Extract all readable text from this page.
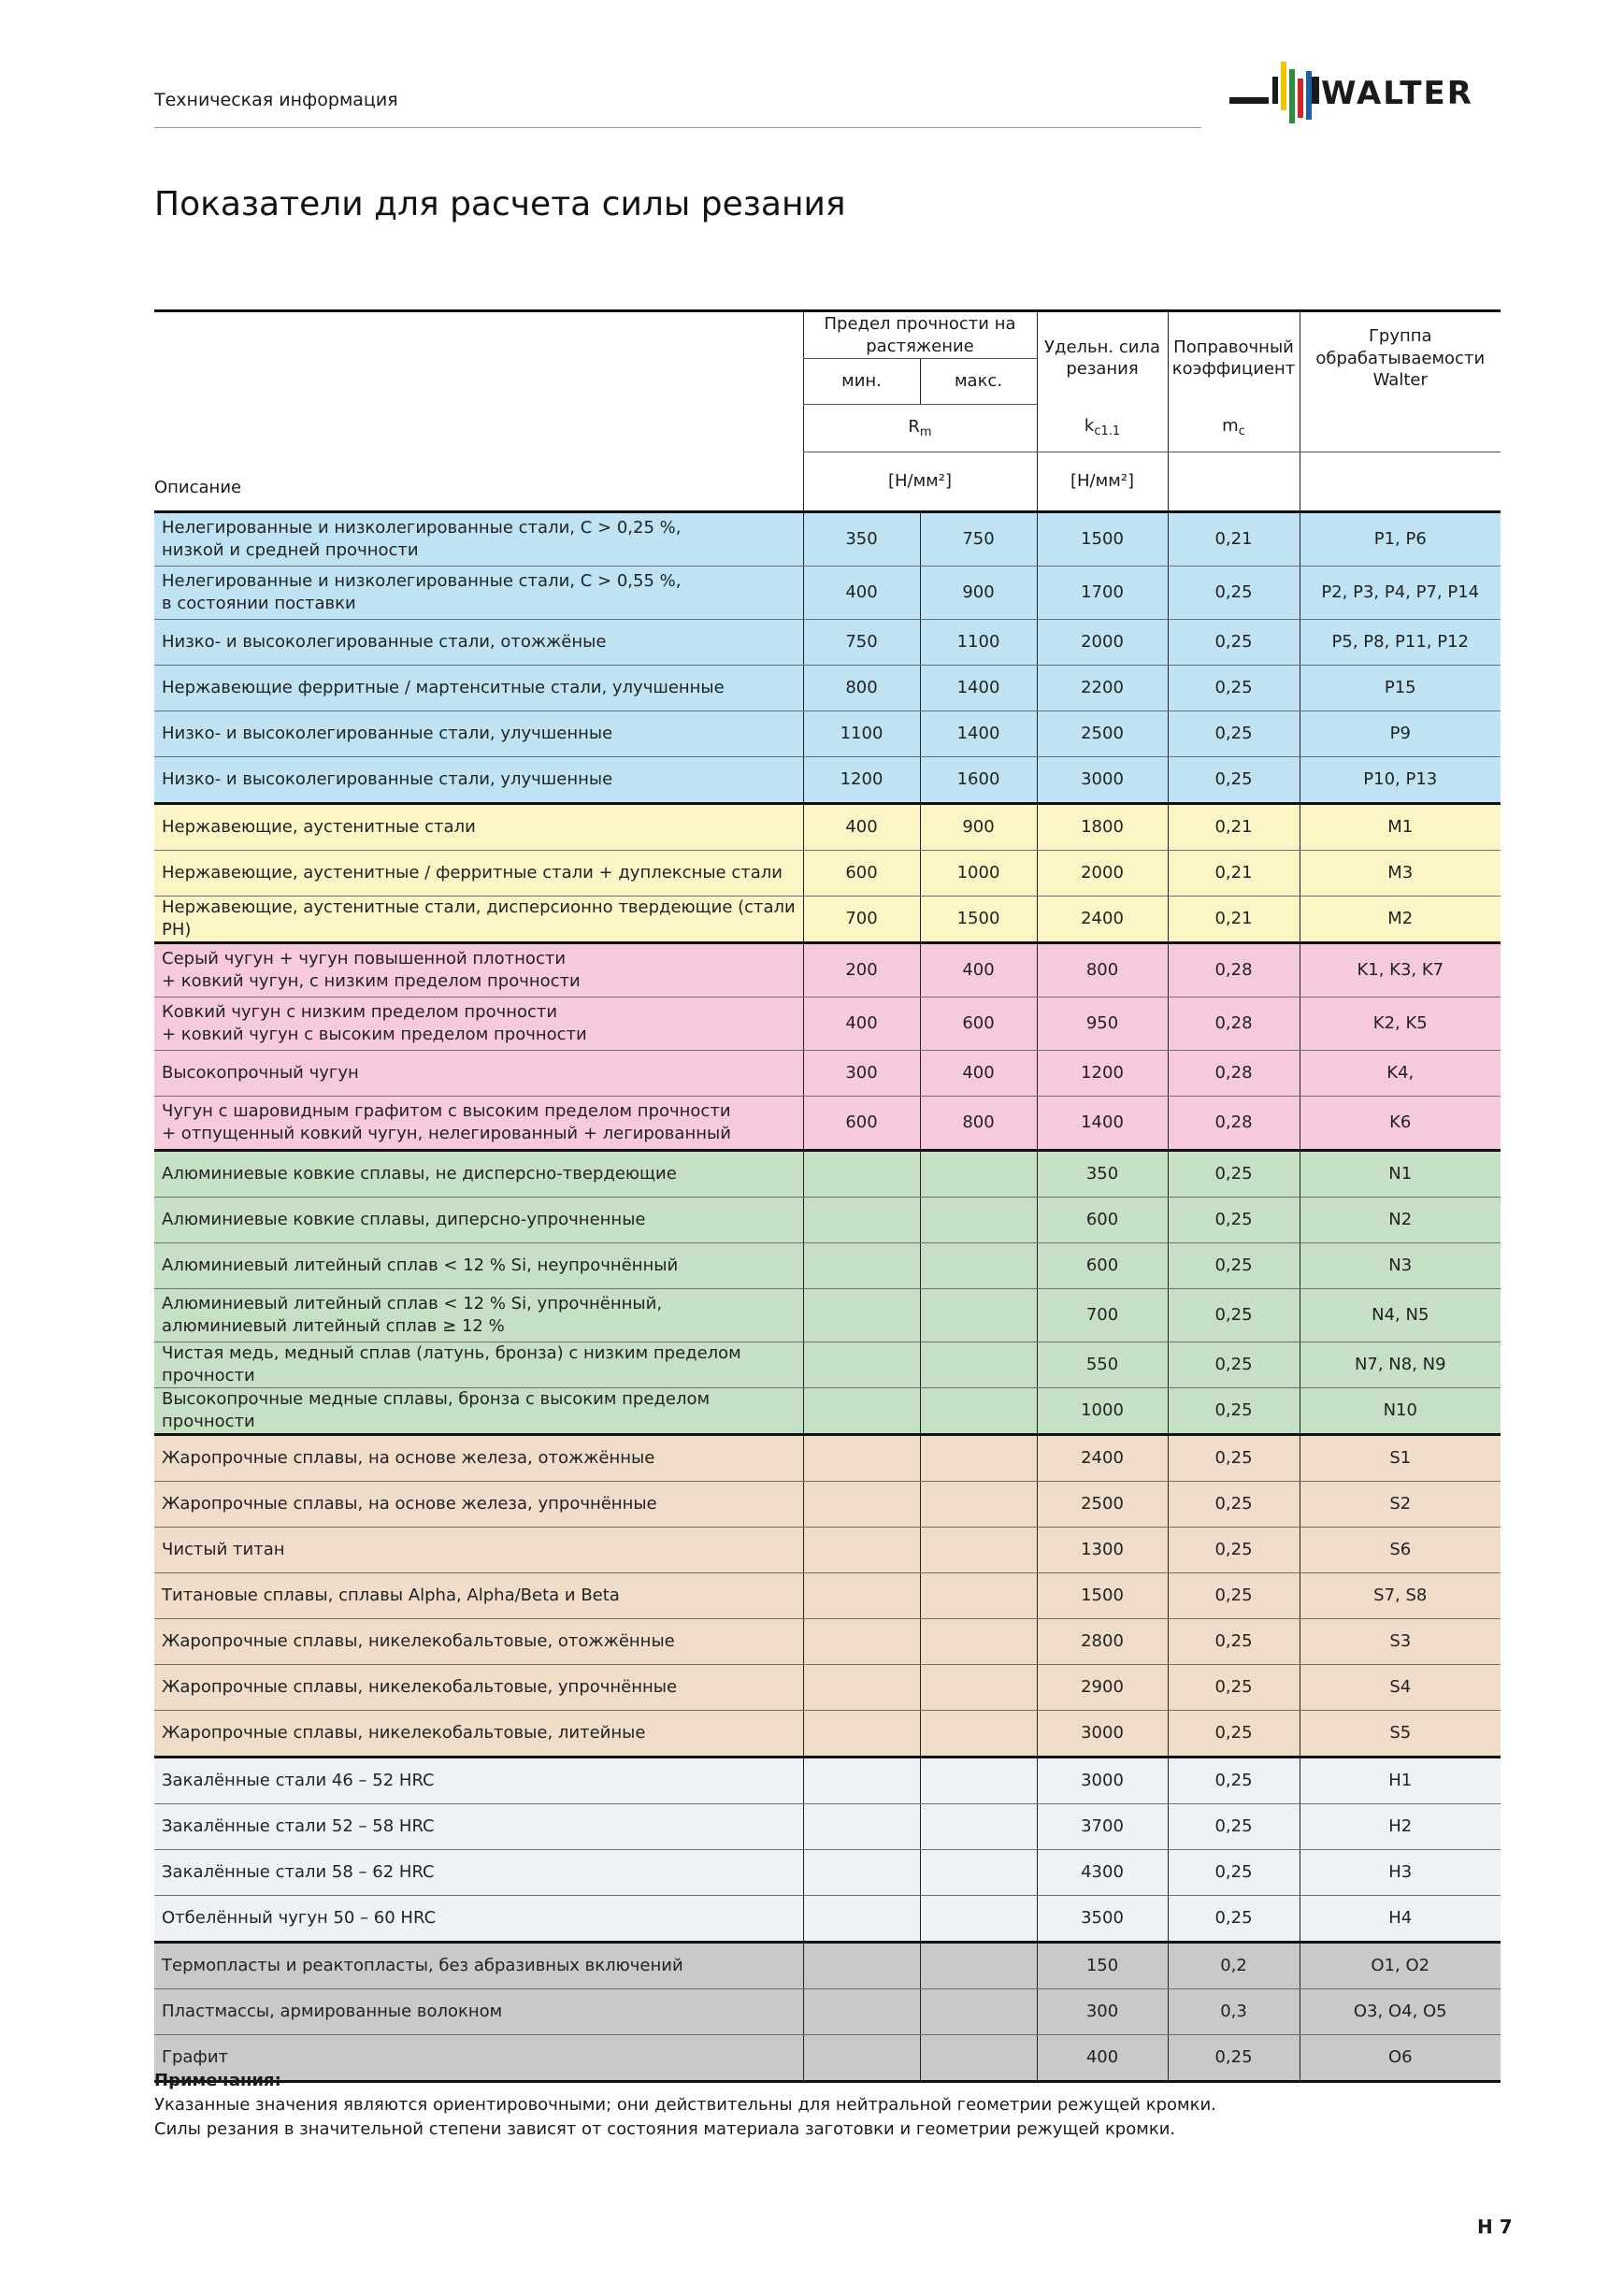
Техническая информация	WALTER
Показатели для расчета силы резания
	Предел прочности на растяжение		Удельн. сила резания	Поправочный коэффициент	Группа обрабатываемости Walter
	мин.	макс.			
	$R_m$		$k_{c1.1}$	$m_c$	
Описание	[Н/мм²]		[Н/мм²]		
Нелегированные и низколегированные стали, C > 0,25 %,
низкой и средней прочности	350	750	1500	0,21	P1, P6
Нелегированные и низколегированные стали, C > 0,55 %,
в состоянии поставки	400	900	1700	0,25	P2, P3, P4, P7, P14
Низко- и высоколегированные стали, отожжёные	750	1100	2000	0,25	P5, P8, P11, P12
Нержавеющие ферритные / мартенситные стали, улучшенные	800	1400	2200	0,25	P15
Низко- и высоколегированные стали, улучшенные	1100	1400	2500	0,25	P9
Низко- и высоколегированные стали, улучшенные	1200	1600	3000	0,25	P10, P13
Нержавеющие, аустенитные стали	400	900	1800	0,21	M1
Нержавеющие, аустенитные / ферритные стали + дуплексные стали	600	1000	2000	0,21	M3
Нержавеющие, аустенитные стали, дисперсионно твердеющие (стали PH)	700	1500	2400	0,21	M2
Серый чугун + чугун повышенной плотности
+ ковкий чугун, с низким пределом прочности	200	400	800	0,28	K1, K3, K7
Ковкий чугун с низким пределом прочности
+ ковкий чугун с высоким пределом прочности	400	600	950	0,28	K2, K5
Высокопрочный чугун	300	400	1200	0,28	K4,
Чугун с шаровидным графитом с высоким пределом прочности
+ отпущенный ковкий чугун, нелегированный + легированный	600	800	1400	0,28	K6
Алюминиевые ковкие сплавы, не дисперсно-твердеющие			350	0,25	N1
Алюминиевые ковкие сплавы, диперсно-упрочненные			600	0,25	N2
Алюминиевый литейный сплав < 12 % Si, неупрочнённый			600	0,25	N3
Алюминиевый литейный сплав < 12 % Si, упрочнённый,
алюминиевый литейный сплав ≥ 12 %			700	0,25	N4, N5
Чистая медь, медный сплав (латунь, бронза) с низким пределом прочности			550	0,25	N7, N8, N9
Высокопрочные медные сплавы, бронза с высоким пределом прочности			1000	0,25	N10
Жаропрочные сплавы, на основе железа, отожжённые			2400	0,25	S1
Жаропрочные сплавы, на основе железа, упрочнённые			2500	0,25	S2
Чистый титан			1300	0,25	S6
Титановые сплавы, сплавы Alpha, Alpha/Beta и Beta			1500	0,25	S7, S8
Жаропрочные сплавы, никелекобальтовые, отожжённые			2800	0,25	S3
Жаропрочные сплавы, никелекобальтовые, упрочнённые			2900	0,25	S4
Жаропрочные сплавы, никелекобальтовые, литейные			3000	0,25	S5
Закалённые стали 46 – 52 HRC			3000	0,25	H1
Закалённые стали 52 – 58 HRC			3700	0,25	H2
Закалённые стали 58 – 62 HRC			4300	0,25	H3
Отбелённый чугун 50 – 60 HRC			3500	0,25	H4
Термопласты и реактопласты, без абразивных включений			150	0,2	O1, O2
Пластмассы, армированные волокном			300	0,3	O3, O4, O5
Графит			400	0,25	O6
Примечания:
Указанные значения являются ориентировочными; они действительны для нейтральной геометрии режущей кромки.
Силы резания в значительной степени зависят от состояния материала заготовки и геометрии режущей кромки.
H 7
